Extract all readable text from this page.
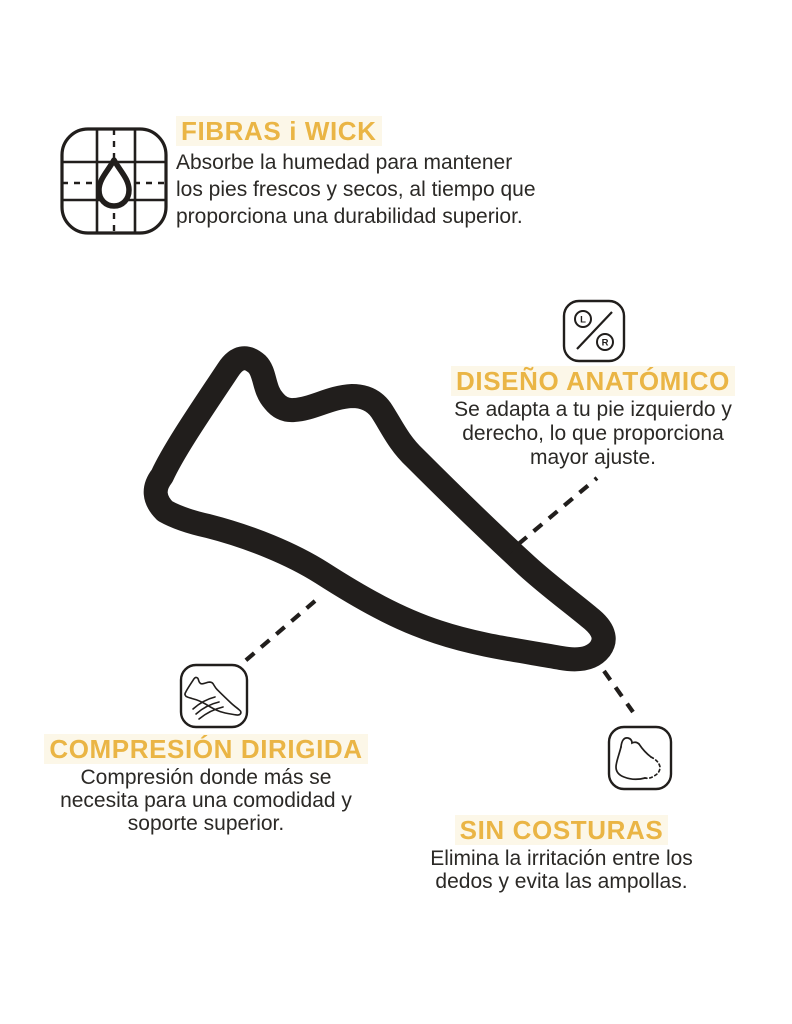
L
R
FIBRAS i WICK
Absorbe la humedad para mantener
los pies frescos y secos, al tiempo que
proporciona una durabilidad superior.
DISEÑO ANATÓMICO
Se adapta a tu pie izquierdo y
derecho, lo que proporciona
mayor ajuste.
COMPRESIÓN DIRIGIDA
Compresión donde más se
necesita para una comodidad y
soporte superior.	SIN COSTURAS
Elimina la irritación entre los
dedos y evita las ampollas.
